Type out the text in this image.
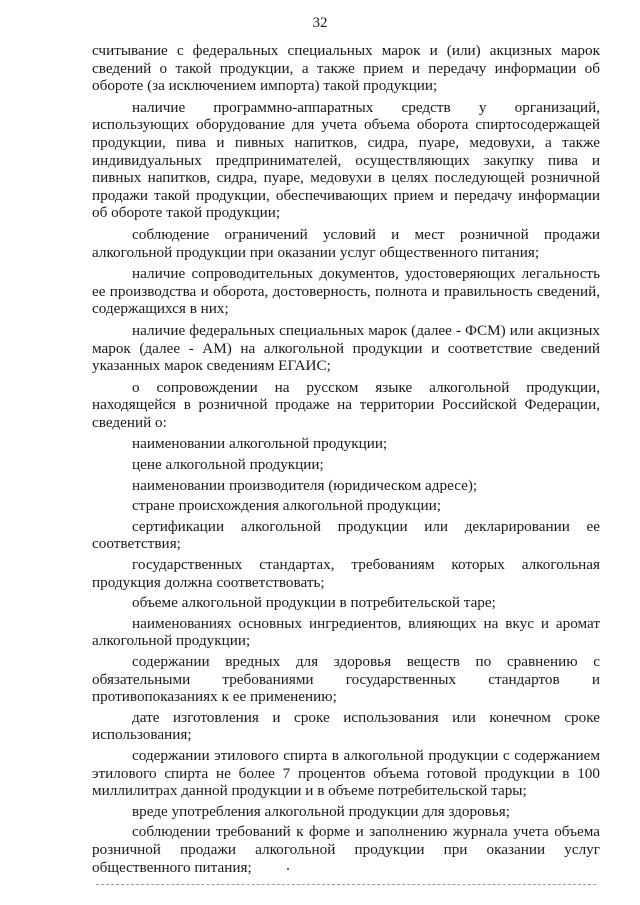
32

считывание с федеральных специальных марок и (или) акцизных марок сведений о такой продукции, а также прием и передачу информации об обороте (за исключением импорта) такой продукции;

наличие программно-аппаратных средств у организаций, использующих оборудование для учета объема оборота спиртосодержащей продукции, пива и пивных напитков, сидра, пуаре, медовухи, а также индивидуальных предпринимателей, осуществляющих закупку пива и пивных напитков, сидра, пуаре, медовухи в целях последующей розничной продажи такой продукции, обеспечивающих прием и передачу информации об обороте такой продукции;

соблюдение ограничений условий и мест розничной продажи алкогольной продукции при оказании услуг общественного питания;

наличие сопроводительных документов, удостоверяющих легальность ее производства и оборота, достоверность, полнота и правильность сведений, содержащихся в них;

наличие федеральных специальных марок (далее - ФСМ) или акцизных марок (далее - АМ) на алкогольной продукции и соответствие сведений указанных марок сведениям ЕГАИС;

о сопровождении на русском языке алкогольной продукции, находящейся в розничной продаже на территории Российской Федерации, сведений о:

наименовании алкогольной продукции;

цене алкогольной продукции;

наименовании производителя (юридическом адресе);

стране происхождения алкогольной продукции;

сертификации алкогольной продукции или декларировании ее соответствия;

государственных стандартах, требованиям которых алкогольная продукция должна соответствовать;

объеме алкогольной продукции в потребительской таре;

наименованиях основных ингредиентов, влияющих на вкус и аромат алкогольной продукции;

содержании вредных для здоровья веществ по сравнению с обязательными требованиями государственных стандартов и противопоказаниях к ее применению;

дате изготовления и сроке использования или конечном сроке использования;

содержании этилового спирта в алкогольной продукции с содержанием этилового спирта не более 7 процентов объема готовой продукции в 100 миллилитрах данной продукции и в объеме потребительской тары;

вреде употребления алкогольной продукции для здоровья;

соблюдении требований к форме и заполнению журнала учета объема розничной продажи алкогольной продукции при оказании услуг общественного питания;
